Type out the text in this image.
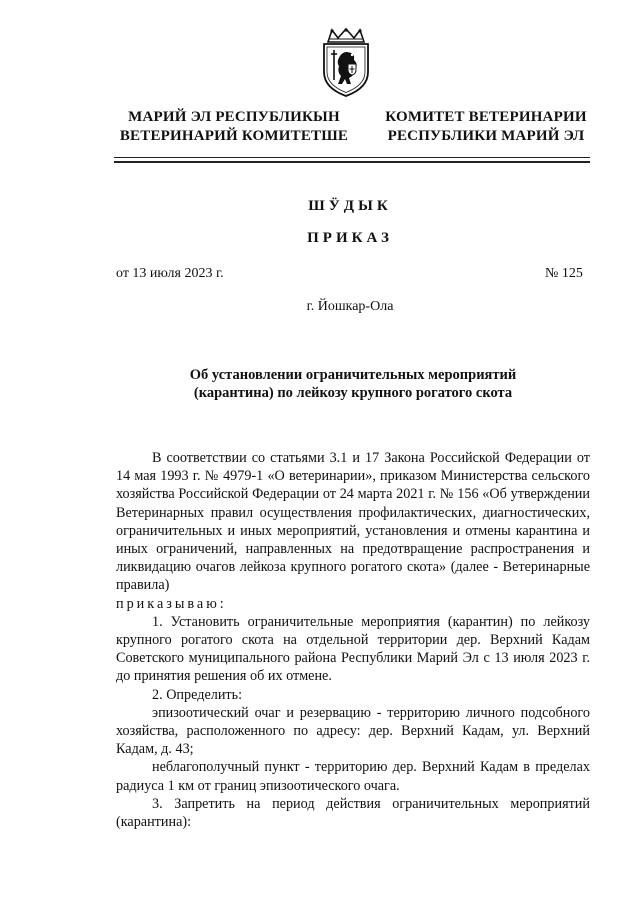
МАРИЙ ЭЛ РЕСПУБЛИКЫН
ВЕТЕРИНАРИЙ КОМИТЕТШЕ
КОМИТЕТ ВЕТЕРИНАРИИ
РЕСПУБЛИКИ МАРИЙ ЭЛ
ШӰДЫК
ПРИКАЗ
от 13 июля 2023 г.	№ 125
г. Йошкар-Ола
Об установлении ограничительных мероприятий
(карантина) по лейкозу крупного рогатого скота

В соответствии со статьями 3.1 и 17 Закона Российской Федерации от 14 мая 1993 г. № 4979-1 «О ветеринарии», приказом Министерства сельского хозяйства Российской Федерации от 24 марта 2021 г. № 156 «Об утверждении Ветеринарных правил осуществления профилактических, диагностических, ограничительных и иных мероприятий, установления и отмены карантина и иных ограничений, направленных на предотвращение распространения и ликвидацию очагов лейкоза крупного рогатого скота» (далее - Ветеринарные правила)

приказываю:

1. Установить ограничительные мероприятия (карантин) по лейкозу крупного рогатого скота на отдельной территории дер. Верхний Кадам Советского муниципального района Республики Марий Эл с 13 июля 2023 г. до принятия решения об их отмене.

2. Определить:

эпизоотический очаг и резервацию - территорию личного подсобного хозяйства, расположенного по адресу: дер. Верхний Кадам, ул. Верхний Кадам, д. 43;

неблагополучный пункт - территорию дер. Верхний Кадам в пределах радиуса 1 км от границ эпизоотического очага.

3. Запретить на период действия ограничительных мероприятий (карантина):
